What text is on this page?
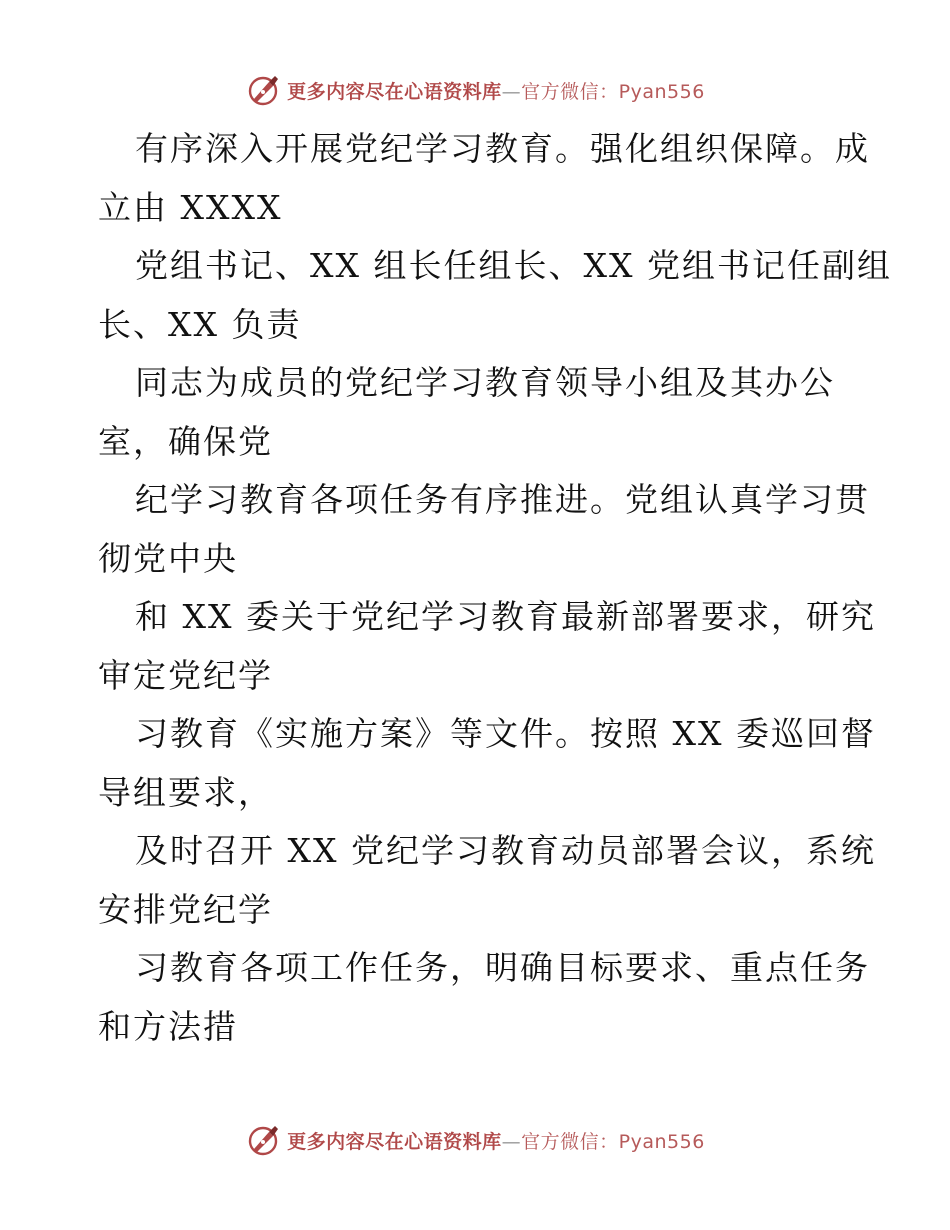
更多内容尽在心语资料库—官方微信：Pyan556
有序深入开展党纪学习教育。强化组织保障。成
立由 XXXX
党组书记、XX 组长任组长、XX 党组书记任副组
长、XX 负责
同志为成员的党纪学习教育领导小组及其办公
室，确保党
纪学习教育各项任务有序推进。党组认真学习贯
彻党中央
和 XX 委关于党纪学习教育最新部署要求，研究
审定党纪学
习教育《实施方案》等文件。按照 XX 委巡回督
导组要求，
及时召开 XX 党纪学习教育动员部署会议，系统
安排党纪学
习教育各项工作任务，明确目标要求、重点任务
和方法措
更多内容尽在心语资料库—官方微信：Pyan556
